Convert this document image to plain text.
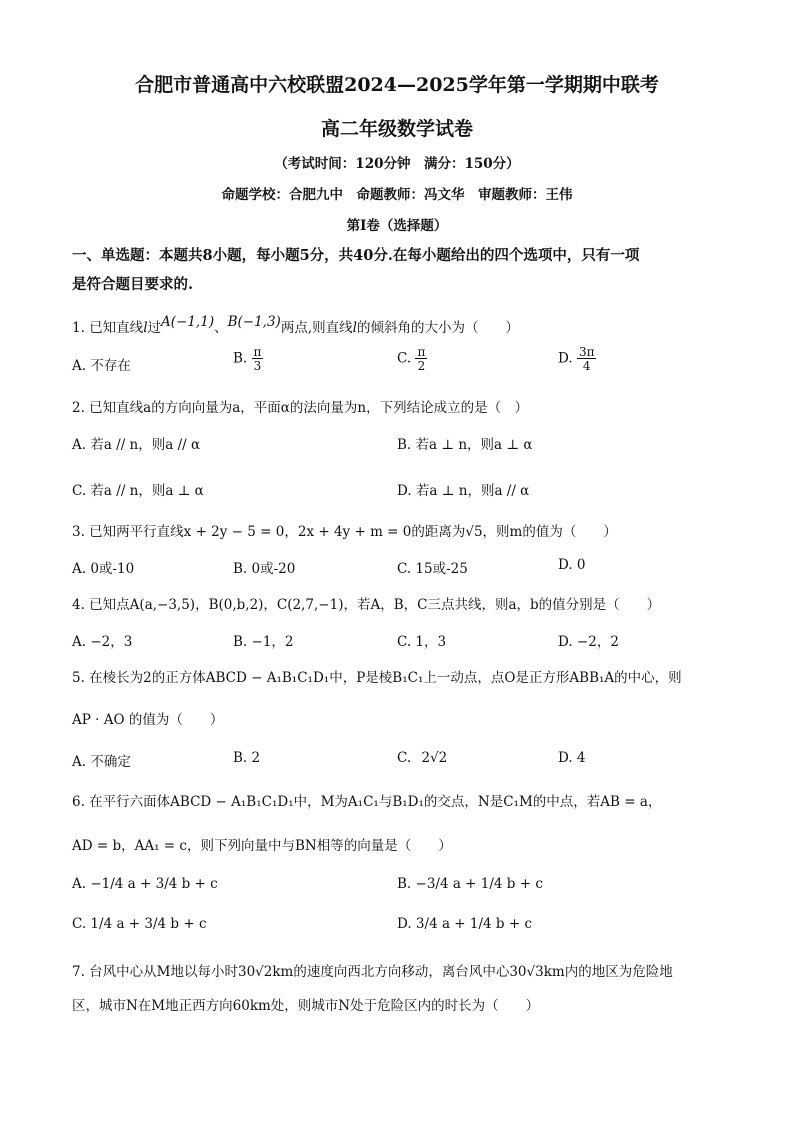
合肥市普通高中六校联盟2024—2025学年第一学期期中联考
高二年级数学试卷
（考试时间：120分钟　满分：150分）
命题学校：合肥九中　命题教师：冯文华　审题教师：王伟
第Ⅰ卷（选择题）
一、单选题：本题共8小题，每小题5分，共40分.在每小题给出的四个选项中，只有一项
是符合题目要求的.
1. 已知直线l过A(−1,1)、B(−1,3)两点,则直线l的倾斜角的大小为（　　）
A. 不存在	B. $\frac{\pi}{3}$	C. $\frac{\pi}{2}$	D. $\frac{3\pi}{4}$
2. 已知直线a的方向向量为a，平面α的法向量为n，下列结论成立的是（　）
A. 若a // n，则a // α	B. 若a ⊥ n，则a ⊥ α
C. 若a // n，则a ⊥ α	D. 若a ⊥ n，则a // α
3. 已知两平行直线x + 2y − 5 = 0，2x + 4y + m = 0的距离为√5，则m的值为（　　）
A. 0或-10	B. 0或-20	C. 15或-25	D. 0
4. 已知点A(a,−3,5)，B(0,b,2)，C(2,7,−1)，若A，B，C三点共线，则a，b的值分别是（　　）
A. −2，3	B. −1，2	C. 1，3	D. −2，2
5. 在棱长为2的正方体ABCD − A₁B₁C₁D₁中，P是棱B₁C₁上一动点，点O是正方形ABB₁A的中心，则
AP · AO 的值为（　　）
A. 不确定	B. 2	C. 2√2	D. 4
6. 在平行六面体ABCD − A₁B₁C₁D₁中，M为A₁C₁与B₁D₁的交点，N是C₁M的中点，若AB = a，
AD = b，AA₁ = c，则下列向量中与BN相等的向量是（　　）
A. −1/4 a + 3/4 b + c	B. −3/4 a + 1/4 b + c
C. 1/4 a + 3/4 b + c	D. 3/4 a + 1/4 b + c
7. 台风中心从M地以每小时30√2km的速度向西北方向移动，离台风中心30√3km内的地区为危险地
区，城市N在M地正西方向60km处，则城市N处于危险区内的时长为（　　）
